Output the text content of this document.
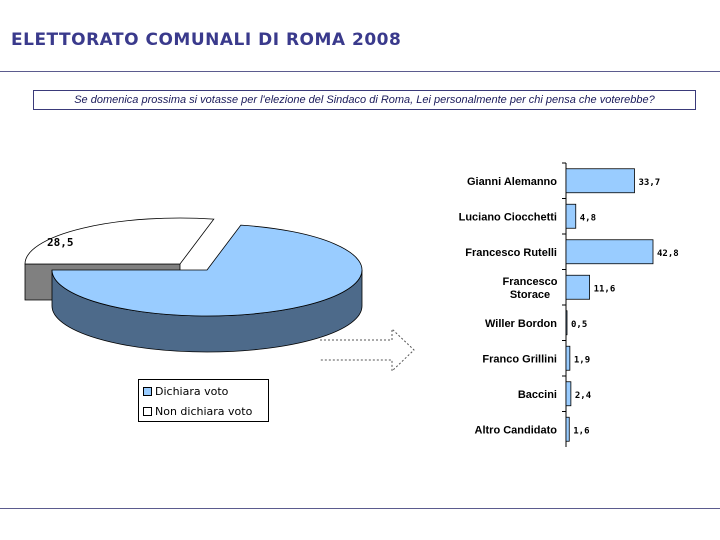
ELETTORATO COMUNALI DI ROMA 2008
Se domenica prossima si votasse per l'elezione del Sindaco di Roma, Lei personalmente per chi pensa che voterebbe?
28,5
33,7
Gianni Alemanno
4,8
Luciano Ciocchetti
42,8
Francesco Rutelli
11,6
Francesco Storace
0,5
Willer Bordon
1,9
Franco Grillini
2,4
Baccini
1,6
Altro Candidato
Dichiara voto
Non dichiara voto
